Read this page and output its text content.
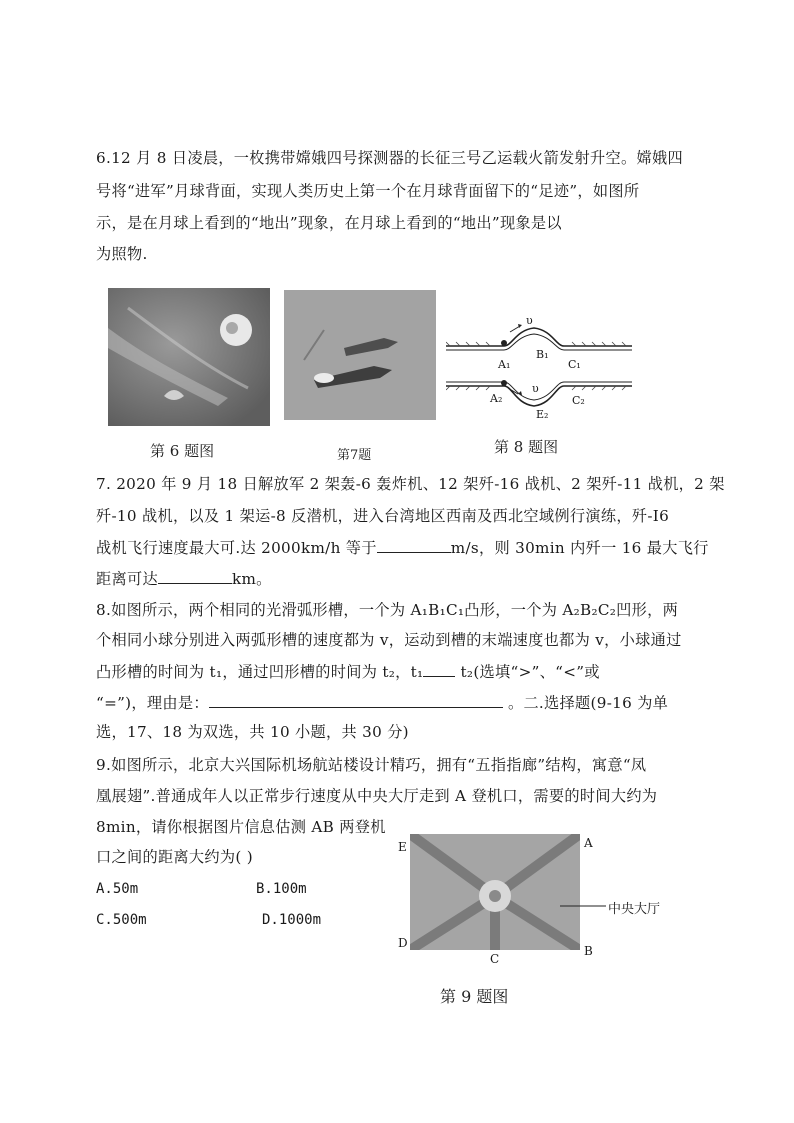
6.12 月 8 日凌晨，一枚携带嫦娥四号探测器的长征三号乙运载火箭发射升空。嫦娥四
号将“进军”月球背面，实现人类历史上第一个在月球背面留下的“足迹”，如图所
示，是在月球上看到的“地出”现象，在月球上看到的“地出”现象是以
为照物.
第 6 题图	第7题
υ
A₁
B₁
C₁
υ
A₂
E₂
C₂
第 8 题图
7. 2020 年 9 月 18 日解放军 2 架轰-6 轰炸机、12 架歼-16 战机、2 架歼-11 战机，2 架
歼-10 战机，以及 1 架运-8 反潜机，进入台湾地区西南及西北空域例行演练，歼-I6
战机飞行速度最大可.达 2000km/h 等于	m/s，则 30min 内歼一 16 最大飞行
距离可达	km。
8.如图所示，两个相同的光滑弧形槽，一个为 A₁B₁C₁凸形，一个为 A₂B₂C₂凹形，两
个相同小球分别进入两弧形槽的速度都为 v，运动到槽的末端速度也都为 v，小球通过
凸形槽的时间为 t₁，通过凹形槽的时间为 t₂，t₁ t₂(选填“>”、“<”或
“=”)，理由是：	。二.选择题(9-16 为单
选，17、18 为双选，共 10 小题，共 30 分)
9.如图所示，北京大兴国际机场航站楼设计精巧，拥有“五指指廊”结构，寓意“凤
凰展翅”.普通成年人以正常步行速度从中央大厅走到 A 登机口，需要的时间大约为
8min，请你根据图片信息估测 AB 两登机
口之间的距离大约为( )
A.50m	B.100m
C.500m	D.1000m
E	A
D
C
B
中央大厅
第 9 题图
